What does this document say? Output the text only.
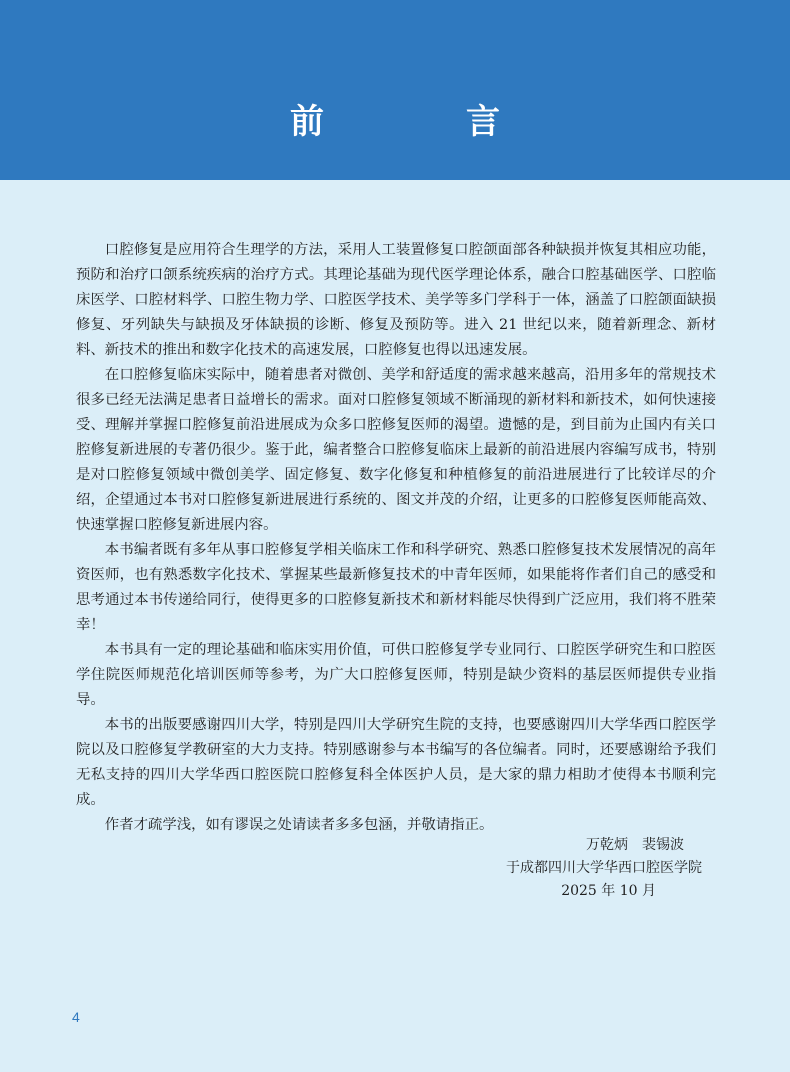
前　言

口腔修复是应用符合生理学的方法，采用人工装置修复口腔颌面部各种缺损并恢复其相应功能，预防和治疗口颌系统疾病的治疗方式。其理论基础为现代医学理论体系，融合口腔基础医学、口腔临床医学、口腔材料学、口腔生物力学、口腔医学技术、美学等多门学科于一体，涵盖了口腔颌面缺损修复、牙列缺失与缺损及牙体缺损的诊断、修复及预防等。进入 21 世纪以来，随着新理念、新材料、新技术的推出和数字化技术的高速发展，口腔修复也得以迅速发展。

在口腔修复临床实际中，随着患者对微创、美学和舒适度的需求越来越高，沿用多年的常规技术很多已经无法满足患者日益增长的需求。面对口腔修复领域不断涌现的新材料和新技术，如何快速接受、理解并掌握口腔修复前沿进展成为众多口腔修复医师的渴望。遗憾的是，到目前为止国内有关口腔修复新进展的专著仍很少。鉴于此，编者整合口腔修复临床上最新的前沿进展内容编写成书，特别是对口腔修复领域中微创美学、固定修复、数字化修复和种植修复的前沿进展进行了比较详尽的介绍，企望通过本书对口腔修复新进展进行系统的、图文并茂的介绍，让更多的口腔修复医师能高效、快速掌握口腔修复新进展内容。

本书编者既有多年从事口腔修复学相关临床工作和科学研究、熟悉口腔修复技术发展情况的高年资医师，也有熟悉数字化技术、掌握某些最新修复技术的中青年医师，如果能将作者们自己的感受和思考通过本书传递给同行，使得更多的口腔修复新技术和新材料能尽快得到广泛应用，我们将不胜荣幸！

本书具有一定的理论基础和临床实用价值，可供口腔修复学专业同行、口腔医学研究生和口腔医学住院医师规范化培训医师等参考，为广大口腔修复医师，特别是缺少资料的基层医师提供专业指导。

本书的出版要感谢四川大学，特别是四川大学研究生院的支持，也要感谢四川大学华西口腔医学院以及口腔修复学教研室的大力支持。特别感谢参与本书编写的各位编者。同时，还要感谢给予我们无私支持的四川大学华西口腔医院口腔修复科全体医护人员，是大家的鼎力相助才使得本书顺利完成。

作者才疏学浅，如有谬误之处请读者多多包涵，并敬请指正。

万乾炳　裴锡波

于成都四川大学华西口腔医学院

2025 年 10 月

4
